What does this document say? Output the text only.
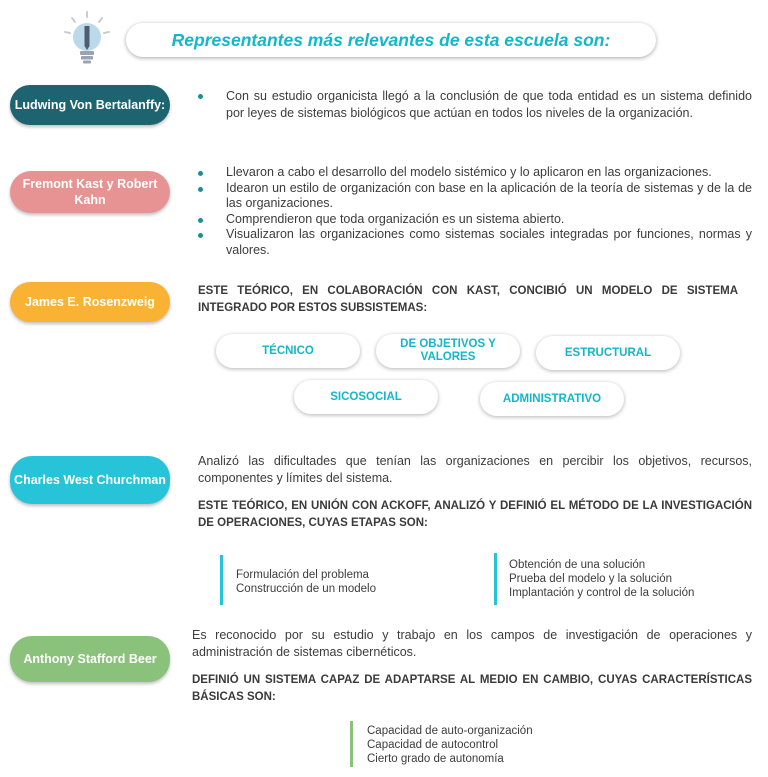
Representantes más relevantes de esta escuela son:
Ludwing Von Bertalanffy:
Con su estudio organicista llegó a la conclusión de que toda entidad es un sistema definido por leyes de sistemas biológicos que actúan en todos los niveles de la organización.
Fremont Kast y Robert Kahn
Llevaron a cabo el desarrollo del modelo sistémico y lo aplicaron en las organizaciones.
Idearon un estilo de organización con base en la aplicación de la teoría de sistemas y de la de las organizaciones.
Comprendieron que toda organización es un sistema abierto.
Visualizaron las organizaciones como sistemas sociales integradas por funciones, normas y valores.
James E. Rosenzweig
ESTE TEÓRICO, EN COLABORACIÓN CON KAST, CONCIBIÓ UN MODELO DE SISTEMA INTEGRADO POR ESTOS SUBSISTEMAS:
TÉCNICO
DE OBJETIVOS Y VALORES	ESTRUCTURAL
SICOSOCIAL	ADMINISTRATIVO
Charles West Churchman
Analizó las dificultades que tenían las organizaciones en percibir los objetivos, recursos, componentes y límites del sistema.
ESTE TEÓRICO, EN UNIÓN CON ACKOFF, ANALIZÓ Y DEFINIÓ EL MÉTODO DE LA INVESTIGACIÓN DE OPERACIONES, CUYAS ETAPAS SON:
Formulación del problema
Construcción de un modelo
Obtención de una solución
Prueba del modelo y la solución
Implantación y control de la solución
Anthony Stafford Beer
Es reconocido por su estudio y trabajo en los campos de investigación de operaciones y administración de sistemas cibernéticos.
DEFINIÓ UN SISTEMA CAPAZ DE ADAPTARSE AL MEDIO EN CAMBIO, CUYAS CARACTERÍSTICAS BÁSICAS SON:
Capacidad de auto-organización
Capacidad de autocontrol
Cierto grado de autonomía
